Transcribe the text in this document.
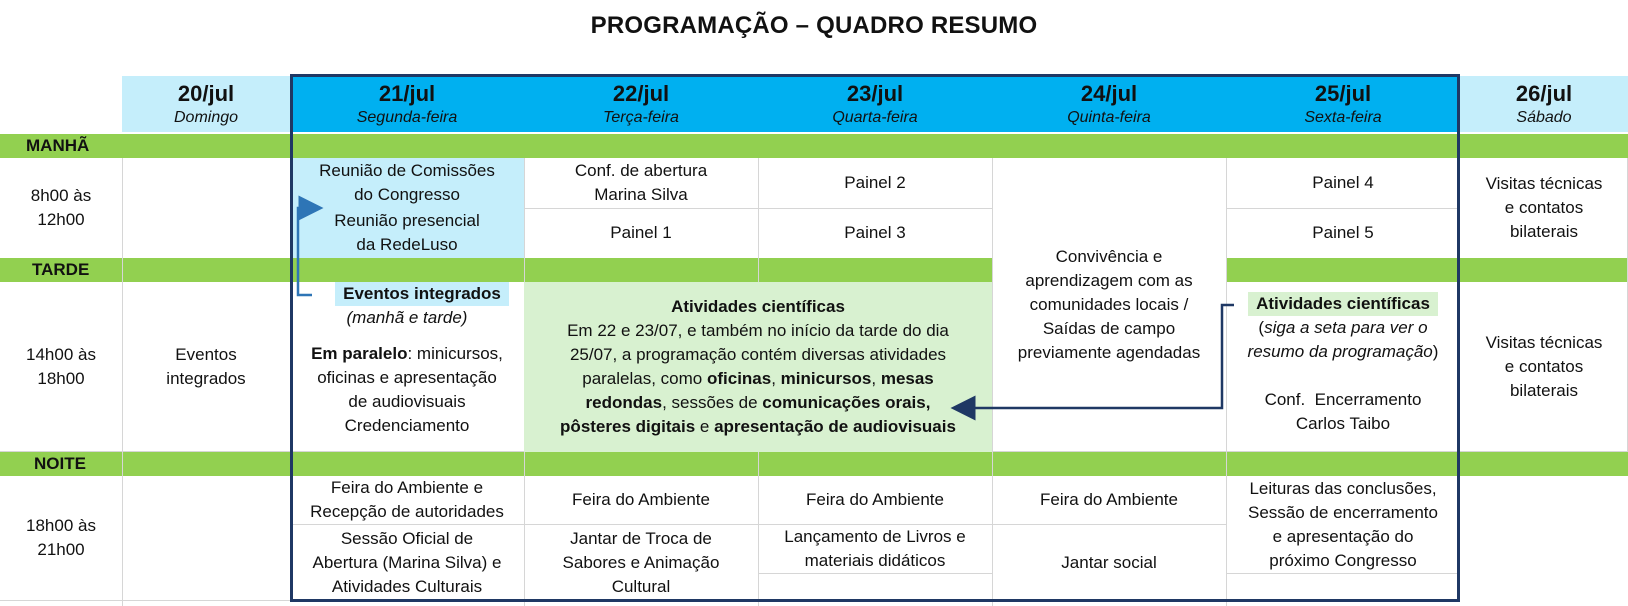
PROGRAMAÇÃO – QUADRO RESUMO
20/jul
Domingo
21/jul
Segunda-feira
22/jul
Terça-feira
23/jul
Quarta-feira
24/jul
Quinta-feira
25/jul
Sexta-feira
26/jul
Sábado
MANHÃ
TARDE
NOITE
8h00 às
12h00
14h00 às
18h00
18h00 às
21h00
Reunião de Comissões
do Congresso
Reunião presencial
da RedeLuso
Conf. de abertura
Marina Silva
Painel 1
Painel 2
Painel 3
Convivência e
aprendizagem com as
comunidades locais /
Saídas de campo
previamente agendadas
Painel 4
Painel 5
Visitas técnicas
e contatos
bilaterais
Eventos
integrados
Eventos integrados
(manhã e tarde)
Em paralelo: minicursos,
oficinas e apresentação
de audiovisuais
Credenciamento
Atividades científicas
Em 22 e 23/07, e também no início da tarde do dia
25/07, a programação contém diversas atividades
paralelas, como oficinas, minicursos, mesas
redondas, sessões de comunicações orais,
pôsteres digitais e apresentação de audiovisuais
Atividades científicas
(siga a seta para ver o
resumo da programação)
Conf.  Encerramento
Carlos Taibo
Visitas técnicas
e contatos
bilaterais
Feira do Ambiente e
Recepção de autoridades
Sessão Oficial de
Abertura (Marina Silva) e
Atividades Culturais
Feira do Ambiente
Jantar de Troca de
Sabores e Animação
Cultural
Feira do Ambiente
Lançamento de Livros e
materiais didáticos
Feira do Ambiente
Jantar social
Leituras das conclusões,
Sessão de encerramento
e apresentação do
próximo Congresso
